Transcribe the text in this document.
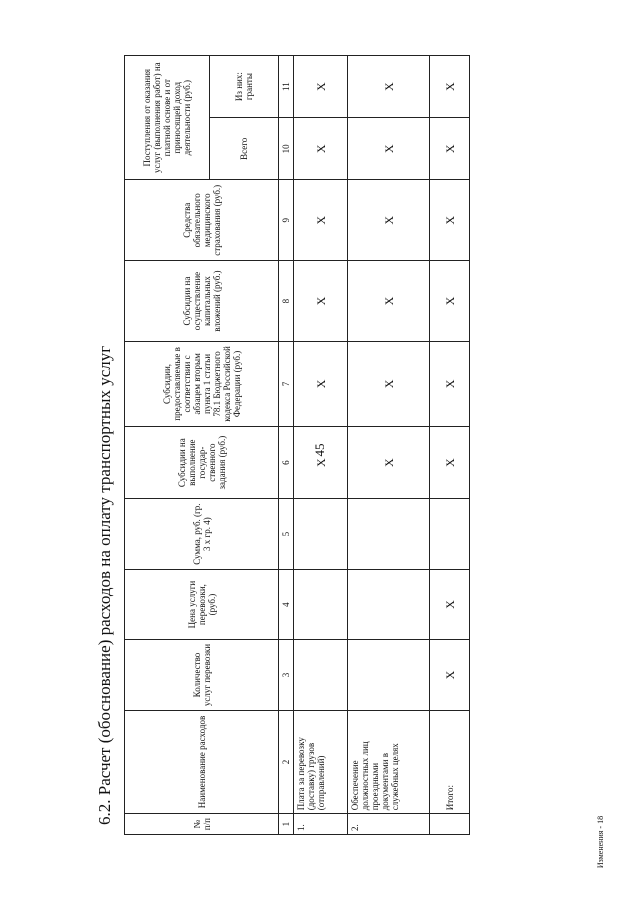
45
6.2. Расчет (обоснование) расходов на оплату транспортных услуг	№ п/п	Наименование расходов	Количество услуг перевозки	Цена услуги перевозки, (руб.)	Сумма, руб. (гр. 3 х гр. 4)	Субсидии на выполнение государ-ственного задания (руб.)	Субсидии, предоставляемые в соответствии с абзацем вторым пункта 1 статьи 78.1 Бюджетного кодекса Российской Федерации (руб.)	Субсидии на осуществление капитальных вложений (руб.)	Средства обязательного медицинского страхования (руб.)	Поступления от оказания услуг (выполнения работ) на платной основе и от приносящей доход деятельности (руб.)	
									Всего	Из них: гранты
1	2	3	4	5	6	7	8	9	10	11
1.	Плата за перевозку (доставку) грузов (отправлений)				X	X	X	X	X	X
2.	Обеспечение должностных лиц проездными документами в служебных целях				X	X	X	X	X	X
	Итого:	X	X		X	X	X	X	X	X
Изменения - 18
